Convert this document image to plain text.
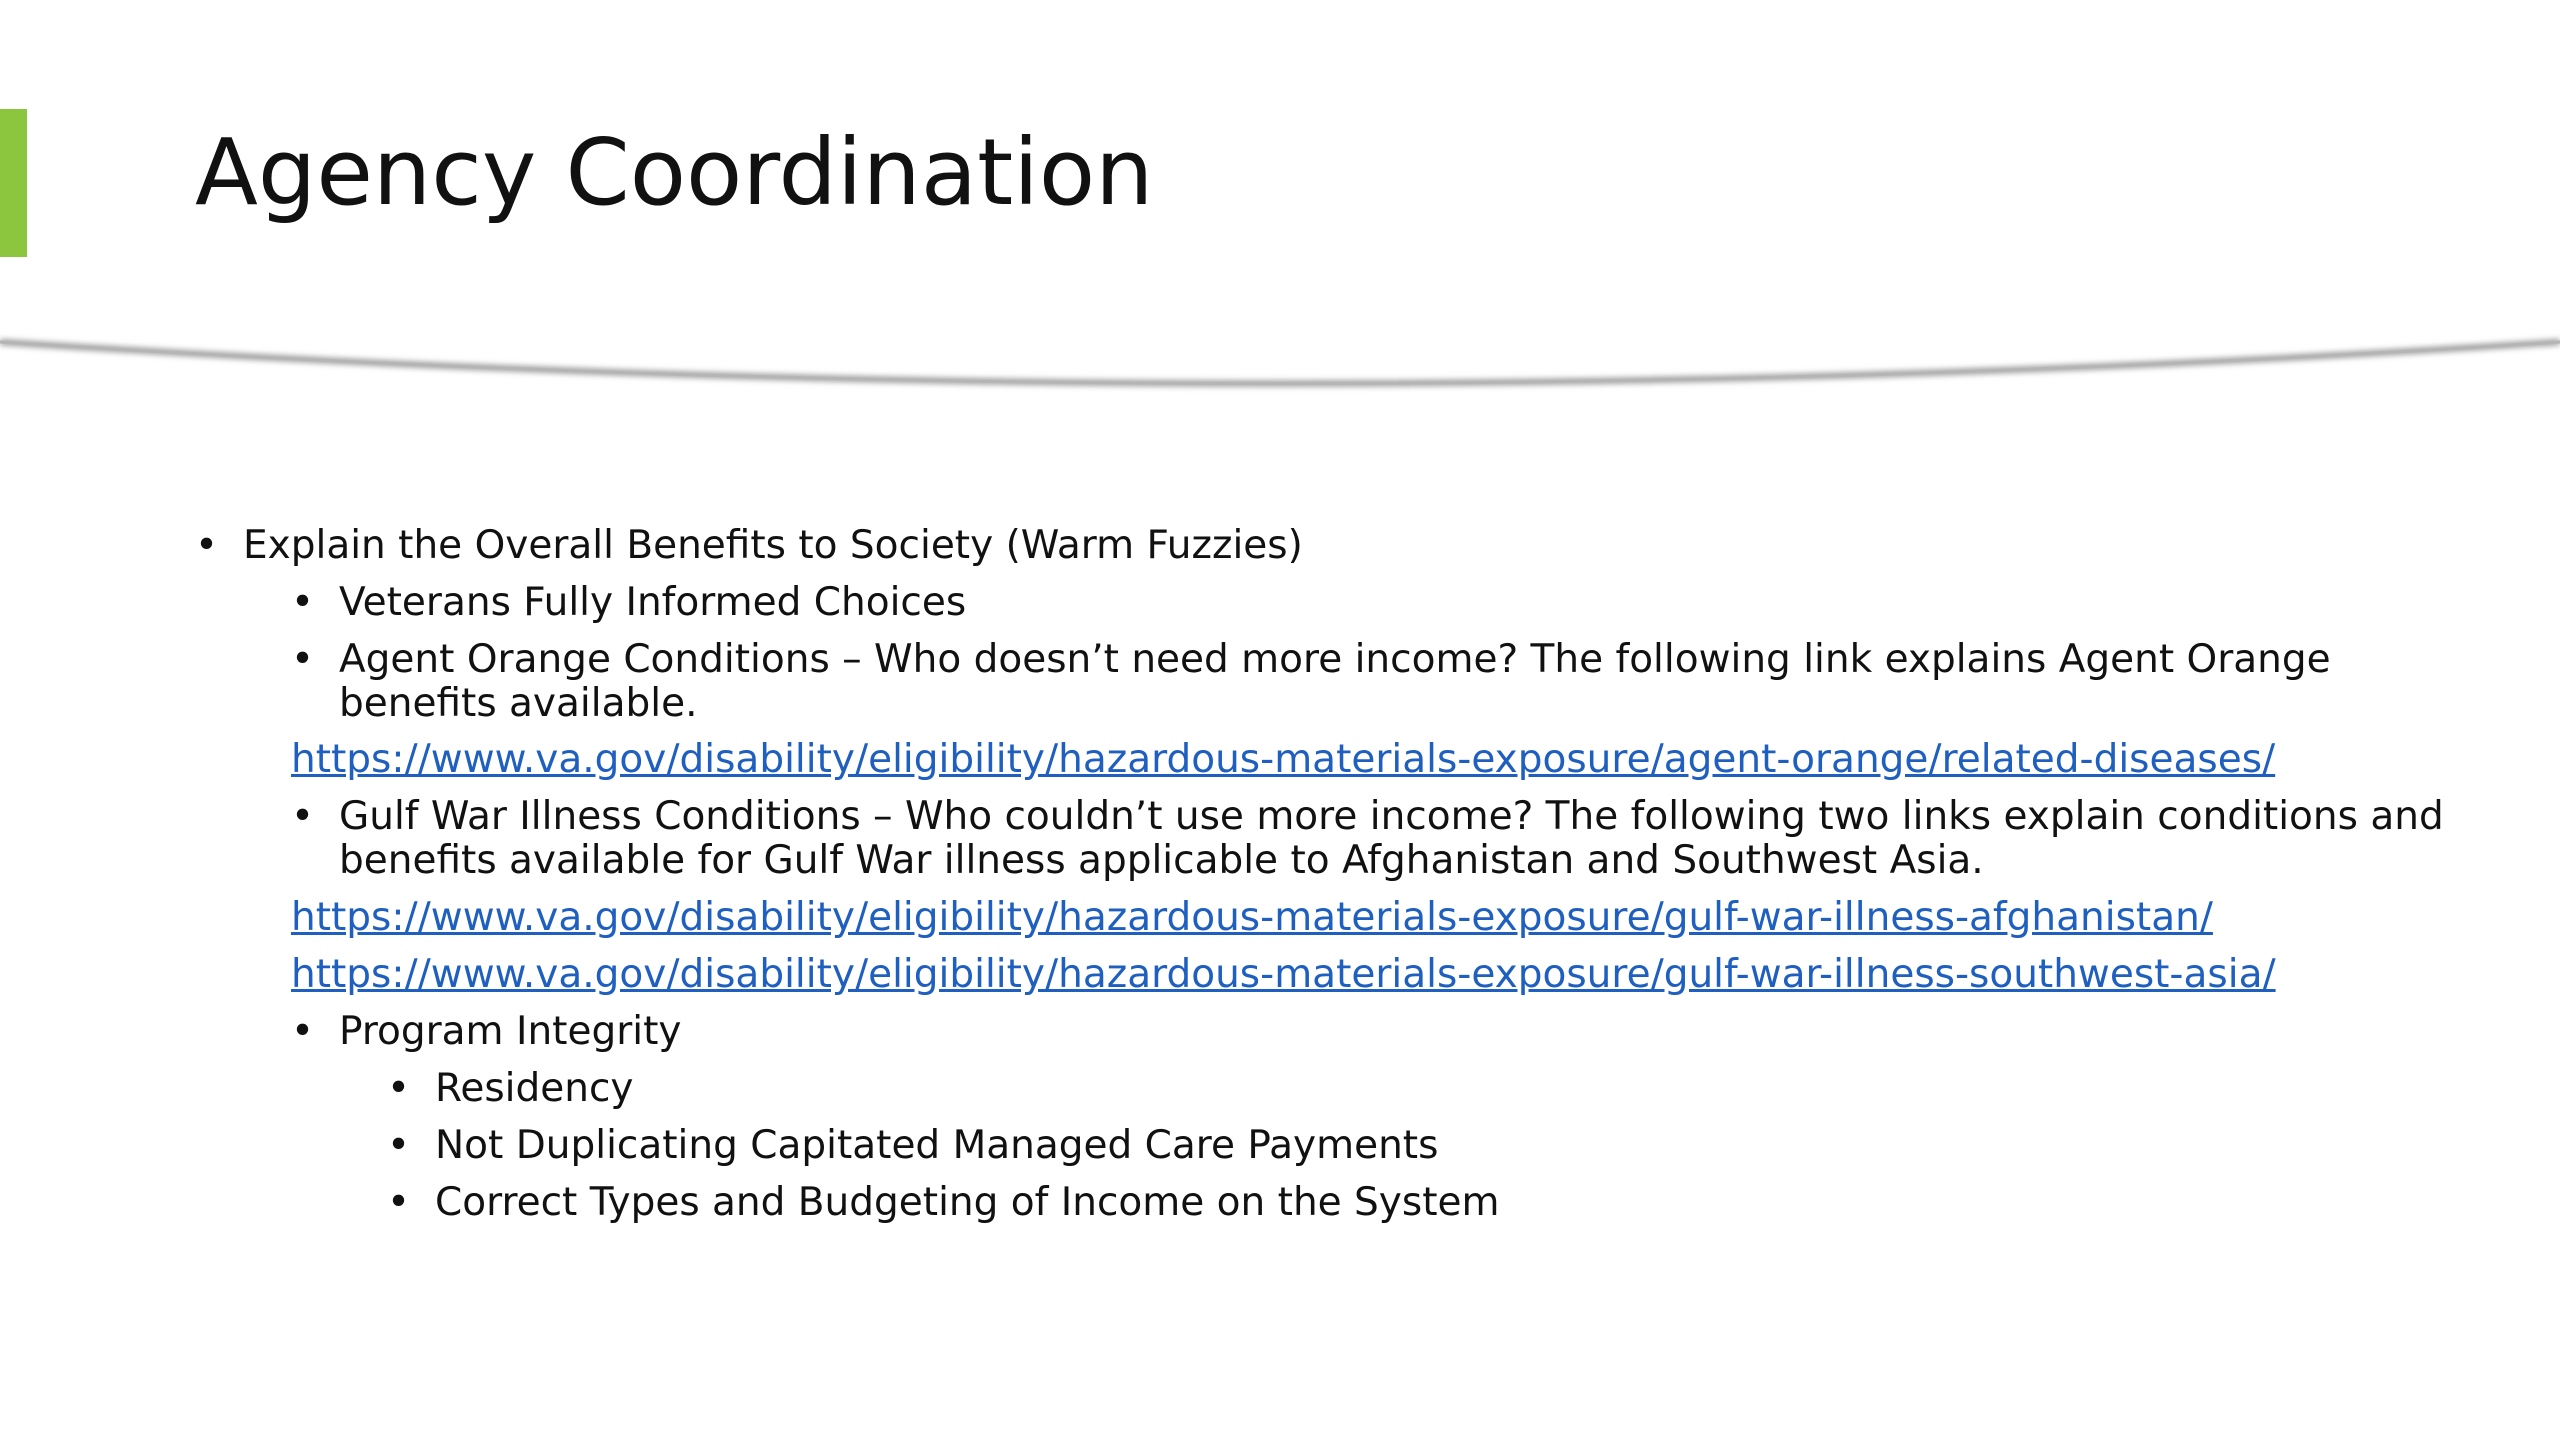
Agency Coordination
• Explain the Overall Benefits to Society (Warm Fuzzies)
• Veterans Fully Informed Choices
• Agent Orange Conditions – Who doesn’t need more income? The following link explains Agent Orange
benefits available.
https://www.va.gov/disability/eligibility/hazardous-materials-exposure/agent-orange/related-diseases/
• Gulf War Illness Conditions – Who couldn’t use more income? The following two links explain conditions and
benefits available for Gulf War illness applicable to Afghanistan and Southwest Asia.
https://www.va.gov/disability/eligibility/hazardous-materials-exposure/gulf-war-illness-afghanistan/
https://www.va.gov/disability/eligibility/hazardous-materials-exposure/gulf-war-illness-southwest-asia/
• Program Integrity
• Residency
• Not Duplicating Capitated Managed Care Payments
• Correct Types and Budgeting of Income on the System
